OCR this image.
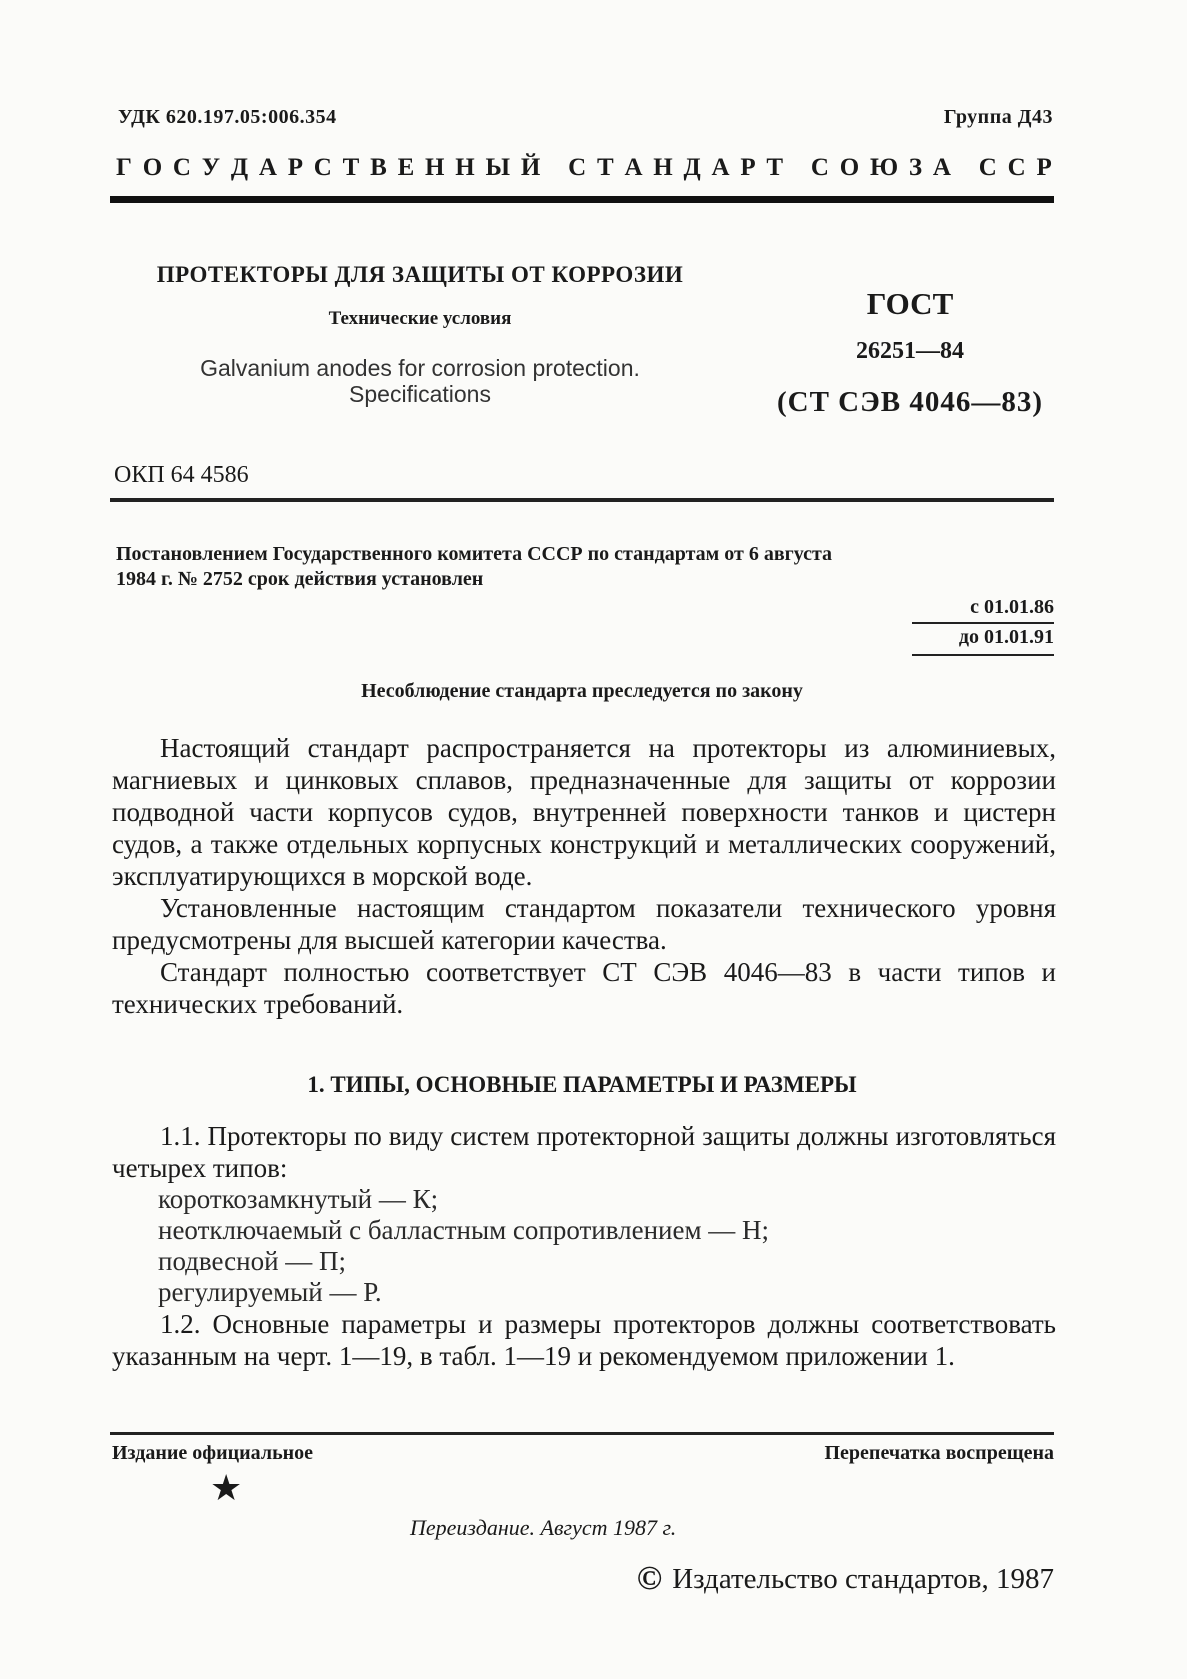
УДК 620.197.05:006.354	Группа Д43
Г О С У Д А Р С Т В Е Н Н Ы Й
С Т А Н Д А Р Т
С О Ю З А
С С Р
ПРОТЕКТОРЫ ДЛЯ ЗАЩИТЫ ОТ КОРРОЗИИ
Технические условия
Galvanium anodes for corrosion protection.
Specifications
ГОСТ
26251—84
(СТ СЭВ 4046—83)
ОКП 64 4586
Постановлением Государственного комитета СССР по стандартам от 6 августа
1984 г. № 2752 срок действия установлен
с 01.01.86
до 01.01.91
Несоблюдение стандарта преследуется по закону

Настоящий стандарт распространяется на протекторы из алюминиевых, магниевых и цинковых сплавов, предназначенные для защиты от коррозии подводной части корпусов судов, внутренней поверхности танков и цистерн судов, а также отдельных корпусных конструкций и металлических сооружений, эксплуатирующихся в морской воде.

Установленные настоящим стандартом показатели технического уровня предусмотрены для высшей категории качества.

Стандарт полностью соответствует СТ СЭВ 4046—83 в части типов и технических требований.

1. ТИПЫ, ОСНОВНЫЕ ПАРАМЕТРЫ И РАЗМЕРЫ

1.1. Протекторы по виду систем протекторной защиты должны изготовляться четырех типов:

короткозамкнутый — К;
неотключаемый с балластным сопротивлением — Н;
подвесной — П;
регулируемый — Р.

1.2. Основные параметры и размеры протекторов должны соответствовать указанным на черт. 1—19, в табл. 1—19 и рекомендуемом приложении 1.

Издание официальное	Перепечатка воспрещена
★
Переиздание. Август 1987 г.
© Издательство стандартов, 1987
